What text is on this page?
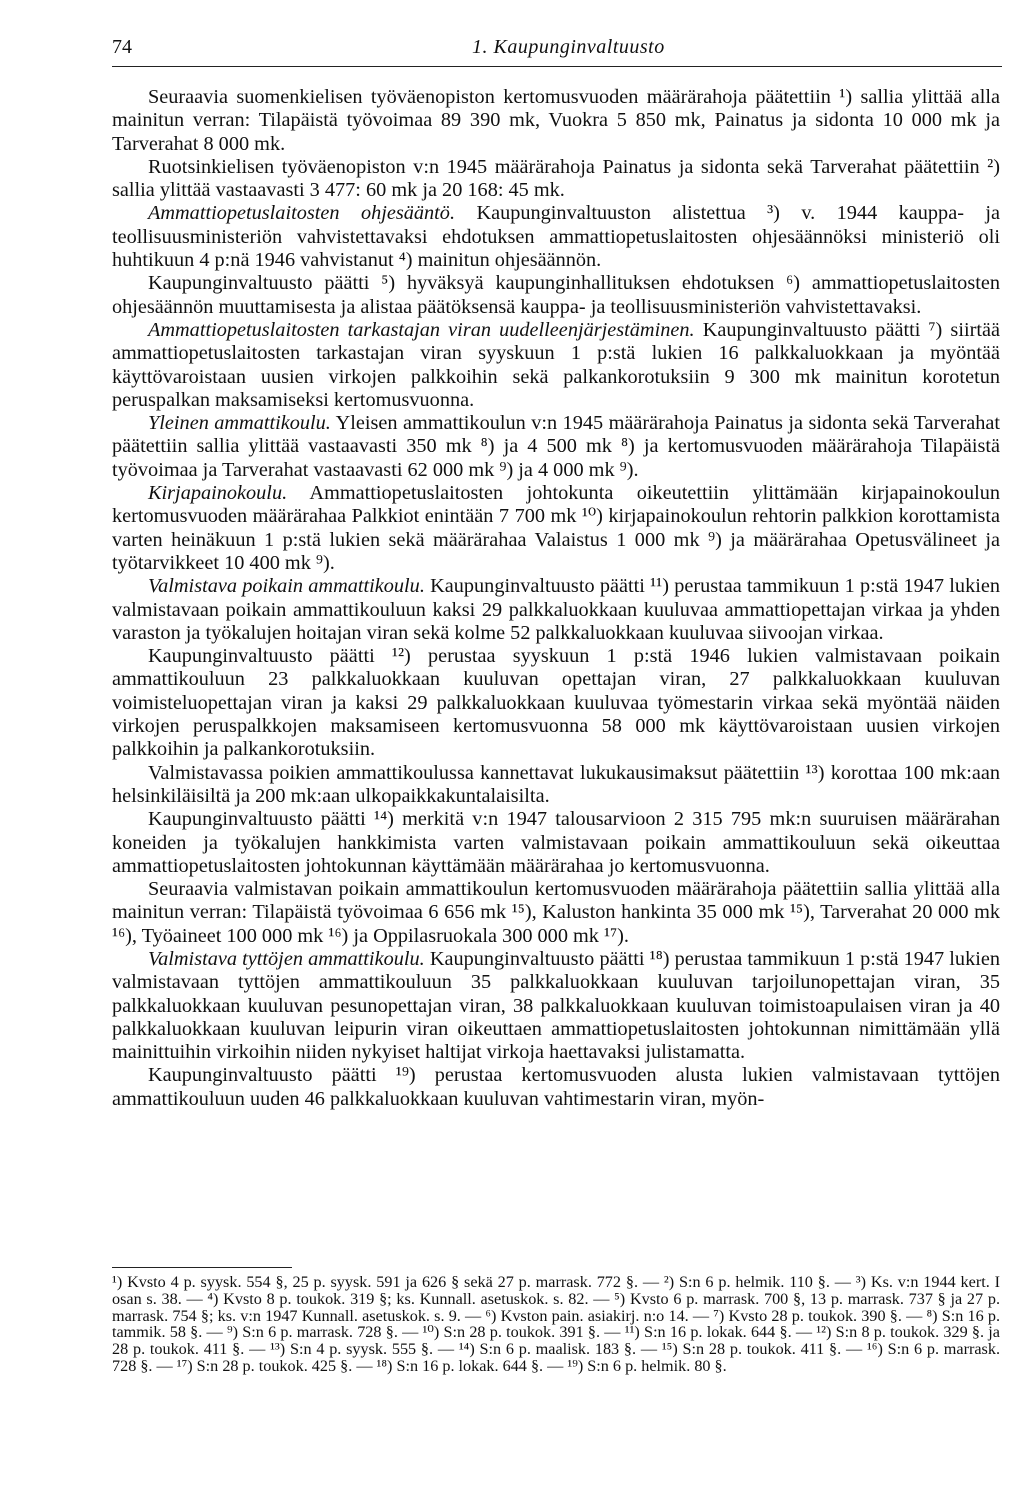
74	1. Kaupunginvaltuusto

Seuraavia suomenkielisen työväenopiston kertomusvuoden määrärahoja päätettiin ¹) sallia ylittää alla mainitun verran: Tilapäistä työvoimaa 89 390 mk, Vuokra 5 850 mk, Painatus ja sidonta 10 000 mk ja Tarverahat 8 000 mk.

Ruotsinkielisen työväenopiston v:n 1945 määrärahoja Painatus ja sidonta sekä Tarverahat päätettiin ²) sallia ylittää vastaavasti 3 477: 60 mk ja 20 168: 45 mk.

Ammattiopetuslaitosten ohjesääntö. Kaupunginvaltuuston alistettua ³) v. 1944 kauppa- ja teollisuusministeriön vahvistettavaksi ehdotuksen ammattiopetuslaitosten ohjesäännöksi ministeriö oli huhtikuun 4 p:nä 1946 vahvistanut ⁴) mainitun ohjesäännön.

Kaupunginvaltuusto päätti ⁵) hyväksyä kaupunginhallituksen ehdotuksen ⁶) ammattiopetuslaitosten ohjesäännön muuttamisesta ja alistaa päätöksensä kauppa- ja teollisuusministeriön vahvistettavaksi.

Ammattiopetuslaitosten tarkastajan viran uudelleenjärjestäminen. Kaupunginvaltuusto päätti ⁷) siirtää ammattiopetuslaitosten tarkastajan viran syyskuun 1 p:stä lukien 16 palkkaluokkaan ja myöntää käyttövaroistaan uusien virkojen palkkoihin sekä palkankorotuksiin 9 300 mk mainitun korotetun peruspalkan maksamiseksi kertomusvuonna.

Yleinen ammattikoulu. Yleisen ammattikoulun v:n 1945 määrärahoja Painatus ja sidonta sekä Tarverahat päätettiin sallia ylittää vastaavasti 350 mk ⁸) ja 4 500 mk ⁸) ja kertomusvuoden määrärahoja Tilapäistä työvoimaa ja Tarverahat vastaavasti 62 000 mk ⁹) ja 4 000 mk ⁹).

Kirjapainokoulu. Ammattiopetuslaitosten johtokunta oikeutettiin ylittämään kirjapainokoulun kertomusvuoden määrärahaa Palkkiot enintään 7 700 mk ¹⁰) kirjapainokoulun rehtorin palkkion korottamista varten heinäkuun 1 p:stä lukien sekä määrärahaa Valaistus 1 000 mk ⁹) ja määrärahaa Opetusvälineet ja työtarvikkeet 10 400 mk ⁹).

Valmistava poikain ammattikoulu. Kaupunginvaltuusto päätti ¹¹) perustaa tammikuun 1 p:stä 1947 lukien valmistavaan poikain ammattikouluun kaksi 29 palkkaluokkaan kuuluvaa ammattiopettajan virkaa ja yhden varaston ja työkalujen hoitajan viran sekä kolme 52 palkkaluokkaan kuuluvaa siivoojan virkaa.

Kaupunginvaltuusto päätti ¹²) perustaa syyskuun 1 p:stä 1946 lukien valmistavaan poikain ammattikouluun 23 palkkaluokkaan kuuluvan opettajan viran, 27 palkkaluokkaan kuuluvan voimisteluopettajan viran ja kaksi 29 palkkaluokkaan kuuluvaa työmestarin virkaa sekä myöntää näiden virkojen peruspalkkojen maksamiseen kertomusvuonna 58 000 mk käyttövaroistaan uusien virkojen palkkoihin ja palkankorotuksiin.

Valmistavassa poikien ammattikoulussa kannettavat lukukausimaksut päätettiin ¹³) korottaa 100 mk:aan helsinkiläisiltä ja 200 mk:aan ulkopaikkakuntalaisilta.

Kaupunginvaltuusto päätti ¹⁴) merkitä v:n 1947 talousarvioon 2 315 795 mk:n suuruisen määrärahan koneiden ja työkalujen hankkimista varten valmistavaan poikain ammattikouluun sekä oikeuttaa ammattiopetuslaitosten johtokunnan käyttämään määrärahaa jo kertomusvuonna.

Seuraavia valmistavan poikain ammattikoulun kertomusvuoden määrärahoja päätettiin sallia ylittää alla mainitun verran: Tilapäistä työvoimaa 6 656 mk ¹⁵), Kaluston hankinta 35 000 mk ¹⁵), Tarverahat 20 000 mk ¹⁶), Työaineet 100 000 mk ¹⁶) ja Oppilasruokala 300 000 mk ¹⁷).

Valmistava tyttöjen ammattikoulu. Kaupunginvaltuusto päätti ¹⁸) perustaa tammikuun 1 p:stä 1947 lukien valmistavaan tyttöjen ammattikouluun 35 palkkaluokkaan kuuluvan tarjoilunopettajan viran, 35 palkkaluokkaan kuuluvan pesunopettajan viran, 38 palkkaluokkaan kuuluvan toimistoapulaisen viran ja 40 palkkaluokkaan kuuluvan leipurin viran oikeuttaen ammattiopetuslaitosten johtokunnan nimittämään yllä mainittuihin virkoihin niiden nykyiset haltijat virkoja haettavaksi julistamatta.

Kaupunginvaltuusto päätti ¹⁹) perustaa kertomusvuoden alusta lukien valmistavaan tyttöjen ammattikouluun uuden 46 palkkaluokkaan kuuluvan vahtimestarin viran, myön-

¹) Kvsto 4 p. syysk. 554 §, 25 p. syysk. 591 ja 626 § sekä 27 p. marrask. 772 §. — ²) S:n 6 p. helmik. 110 §. — ³) Ks. v:n 1944 kert. I osan s. 38. — ⁴) Kvsto 8 p. toukok. 319 §; ks. Kunnall. asetuskok. s. 82. — ⁵) Kvsto 6 p. marrask. 700 §, 13 p. marrask. 737 § ja 27 p. marrask. 754 §; ks. v:n 1947 Kunnall. asetuskok. s. 9. — ⁶) Kvston pain. asiakirj. n:o 14. — ⁷) Kvsto 28 p. toukok. 390 §. — ⁸) S:n 16 p. tammik. 58 §. — ⁹) S:n 6 p. marrask. 728 §. — ¹⁰) S:n 28 p. toukok. 391 §. — ¹¹) S:n 16 p. lokak. 644 §. — ¹²) S:n 8 p. toukok. 329 §. ja 28 p. toukok. 411 §. — ¹³) S:n 4 p. syysk. 555 §. — ¹⁴) S:n 6 p. maalisk. 183 §. — ¹⁵) S:n 28 p. toukok. 411 §. — ¹⁶) S:n 6 p. marrask. 728 §. — ¹⁷) S:n 28 p. toukok. 425 §. — ¹⁸) S:n 16 p. lokak. 644 §. — ¹⁹) S:n 6 p. helmik. 80 §.
